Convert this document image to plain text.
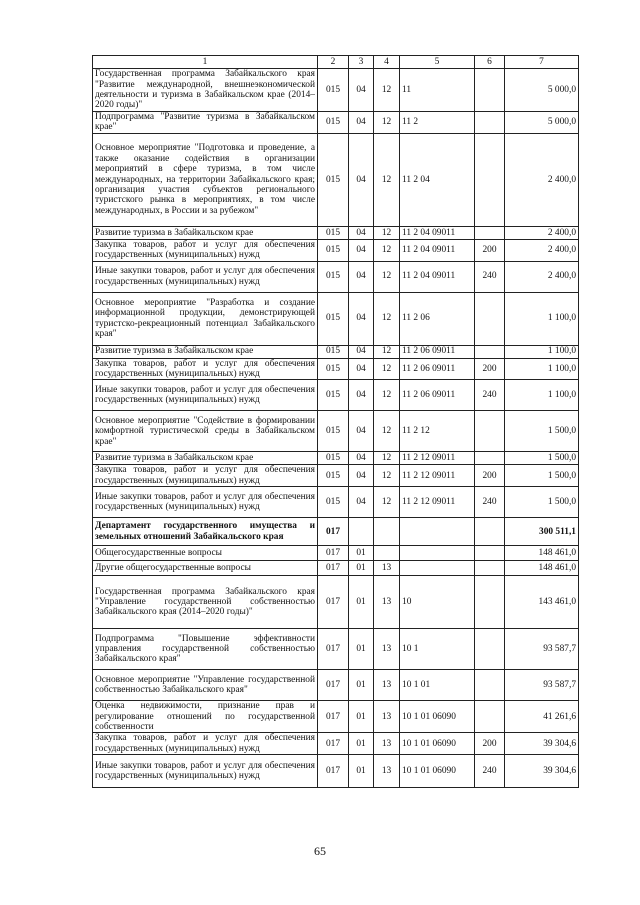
1	2	3	4	5	6	7
Государственная программа Забайкальского края "Развитие международной, внешнеэкономической деятельности и туризма в Забайкальском крае (2014–2020 годы)"	015	04	12	11		5 000,0
Подпрограмма "Развитие туризма в Забайкальском крае"	015	04	12	11 2		5 000,0
Основное мероприятие "Подготовка и проведение, а также оказание содействия в организации мероприятий в сфере туризма, в том числе международных, на территории Забайкальского края; организация участия субъектов регионального туристского рынка в мероприятиях, в том числе международных, в России и за рубежом"	015	04	12	11 2 04		2 400,0
Развитие туризма в Забайкальском крае	015	04	12	11 2 04 09011		2 400,0
Закупка товаров, работ и услуг для обеспечения государственных (муниципальных) нужд	015	04	12	11 2 04 09011	200	2 400,0
Иные закупки товаров, работ и услуг для обеспечения государственных (муниципальных) нужд	015	04	12	11 2 04 09011	240	2 400,0
Основное мероприятие "Разработка и создание информационной продукции, демонстрирующей туристско-рекреационный потенциал Забайкальского края"	015	04	12	11 2 06		1 100,0
Развитие туризма в Забайкальском крае	015	04	12	11 2 06 09011		1 100,0
Закупка товаров, работ и услуг для обеспечения государственных (муниципальных) нужд	015	04	12	11 2 06 09011	200	1 100,0
Иные закупки товаров, работ и услуг для обеспечения государственных (муниципальных) нужд	015	04	12	11 2 06 09011	240	1 100,0
Основное мероприятие "Содействие в формировании комфортной туристической среды в Забайкальском крае"	015	04	12	11 2 12		1 500,0
Развитие туризма в Забайкальском крае	015	04	12	11 2 12 09011		1 500,0
Закупка товаров, работ и услуг для обеспечения государственных (муниципальных) нужд	015	04	12	11 2 12 09011	200	1 500,0
Иные закупки товаров, работ и услуг для обеспечения государственных (муниципальных) нужд	015	04	12	11 2 12 09011	240	1 500,0
Департамент государственного имущества и земельных отношений Забайкальского края	017					300 511,1
Общегосударственные вопросы	017	01				148 461,0
Другие общегосударственные вопросы	017	01	13			148 461,0
Государственная программа Забайкальского края "Управление государственной собственностью Забайкальского края (2014–2020 годы)"	017	01	13	10		143 461,0
Подпрограмма "Повышение эффективности управления государственной собственностью Забайкальского края"	017	01	13	10 1		93 587,7
Основное мероприятие "Управление государственной собственностью Забайкальского края"	017	01	13	10 1 01		93 587,7
Оценка недвижимости, признание прав и регулирование отношений по государственной собственности	017	01	13	10 1 01 06090		41 261,6
Закупка товаров, работ и услуг для обеспечения государственных (муниципальных) нужд	017	01	13	10 1 01 06090	200	39 304,6
Иные закупки товаров, работ и услуг для обеспечения государственных (муниципальных) нужд	017	01	13	10 1 01 06090	240	39 304,6
65
